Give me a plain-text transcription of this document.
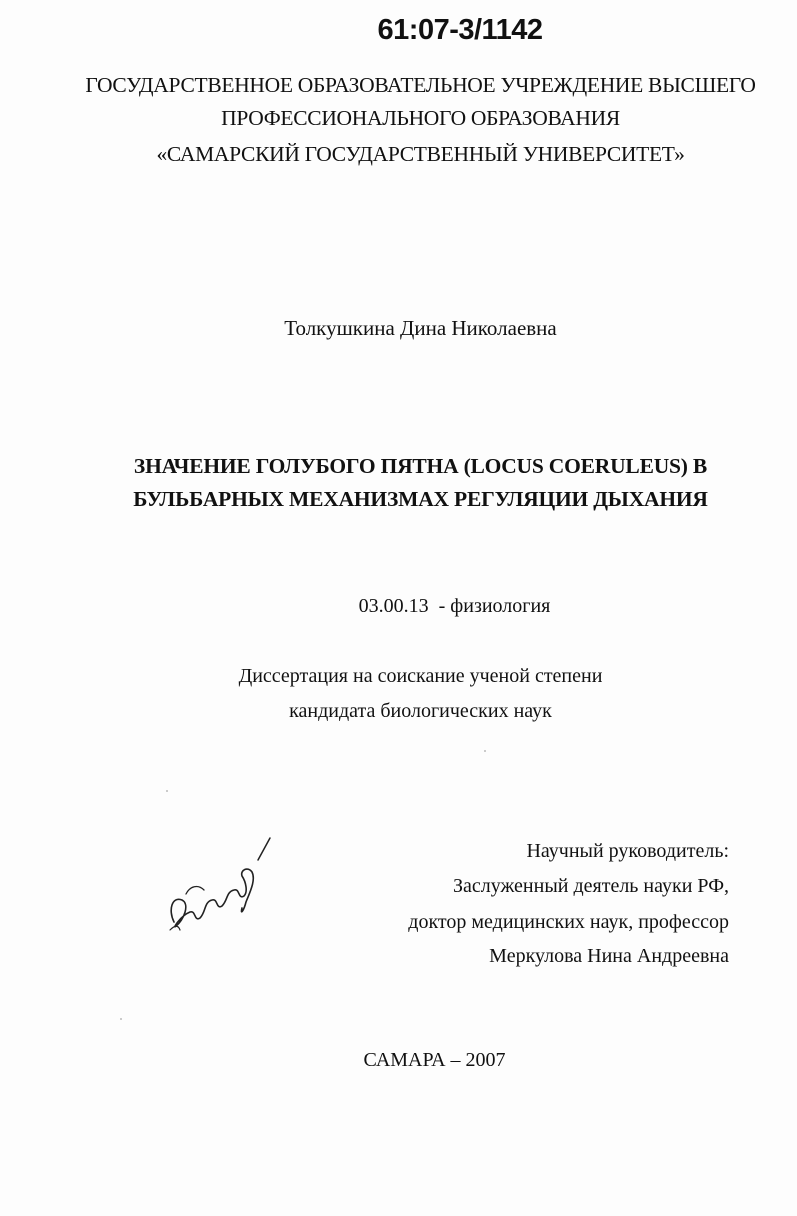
61:07-3/1142
ГОСУДАРСТВЕННОЕ ОБРАЗОВАТЕЛЬНОЕ УЧРЕЖДЕНИЕ ВЫСШЕГО
ПРОФЕССИОНАЛЬНОГО ОБРАЗОВАНИЯ
«САМАРСКИЙ ГОСУДАРСТВЕННЫЙ УНИВЕРСИТЕТ»
Толкушкина Дина Николаевна
ЗНАЧЕНИЕ ГОЛУБОГО ПЯТНА (LOCUS COERULEUS) В
БУЛЬБАРНЫХ МЕХАНИЗМАХ РЕГУЛЯЦИИ ДЫХАНИЯ
03.00.13 - физиология
Диссертация на соискание ученой степени
кандидата биологических наук
Научный руководитель:
Заслуженный деятель науки РФ,
доктор медицинских наук, профессор
Меркулова Нина Андреевна
САМАРА – 2007
